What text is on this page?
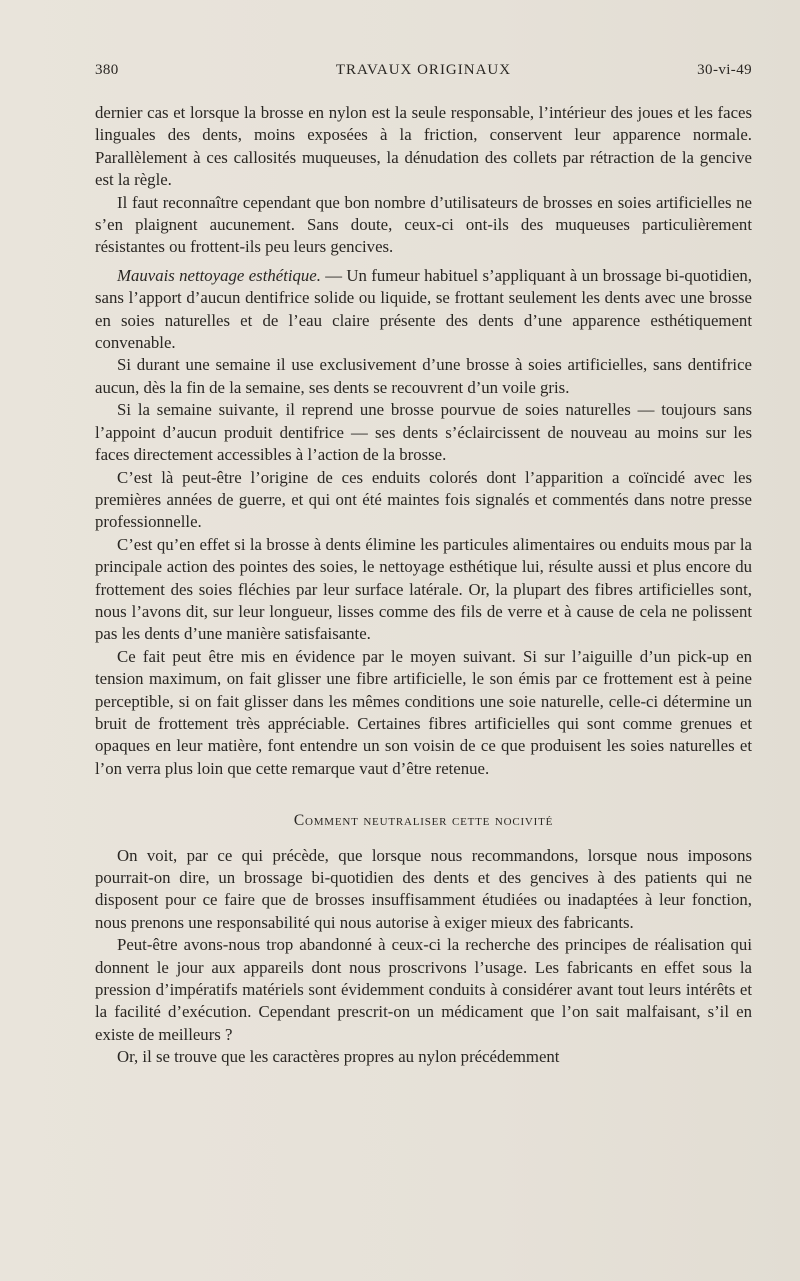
380	TRAVAUX ORIGINAUX	30-vi-49

dernier cas et lorsque la brosse en nylon est la seule responsable, l’intérieur des joues et les faces linguales des dents, moins exposées à la friction, conservent leur apparence normale. Parallèlement à ces callosités muqueuses, la dénudation des collets par rétraction de la gencive est la règle.

Il faut reconnaître cependant que bon nombre d’utilisateurs de brosses en soies artificielles ne s’en plaignent aucunement. Sans doute, ceux-ci ont-ils des muqueuses particulièrement résistantes ou frottent-ils peu leurs gencives.

Mauvais nettoyage esthétique. — Un fumeur habituel s’appliquant à un brossage bi-quotidien, sans l’apport d’aucun dentifrice solide ou liquide, se frottant seulement les dents avec une brosse en soies naturelles et de l’eau claire présente des dents d’une apparence esthétiquement convenable.

Si durant une semaine il use exclusivement d’une brosse à soies artificielles, sans dentifrice aucun, dès la fin de la semaine, ses dents se recouvrent d’un voile gris.

Si la semaine suivante, il reprend une brosse pourvue de soies naturelles — toujours sans l’appoint d’aucun produit dentifrice — ses dents s’éclaircissent de nouveau au moins sur les faces directement accessibles à l’action de la brosse.

C’est là peut-être l’origine de ces enduits colorés dont l’apparition a coïncidé avec les premières années de guerre, et qui ont été maintes fois signalés et commentés dans notre presse professionnelle.

C’est qu’en effet si la brosse à dents élimine les particules alimentaires ou enduits mous par la principale action des pointes des soies, le nettoyage esthétique lui, résulte aussi et plus encore du frottement des soies fléchies par leur surface latérale. Or, la plupart des fibres artificielles sont, nous l’avons dit, sur leur longueur, lisses comme des fils de verre et à cause de cela ne polissent pas les dents d’une manière satisfaisante.

Ce fait peut être mis en évidence par le moyen suivant. Si sur l’aiguille d’un pick-up en tension maximum, on fait glisser une fibre artificielle, le son émis par ce frottement est à peine perceptible, si on fait glisser dans les mêmes conditions une soie naturelle, celle-ci détermine un bruit de frottement très appréciable. Certaines fibres artificielles qui sont comme grenues et opaques en leur matière, font entendre un son voisin de ce que produisent les soies naturelles et l’on verra plus loin que cette remarque vaut d’être retenue.

Comment neutraliser cette nocivité

On voit, par ce qui précède, que lorsque nous recommandons, lorsque nous imposons pourrait-on dire, un brossage bi-quotidien des dents et des gencives à des patients qui ne disposent pour ce faire que de brosses insuffisamment étudiées ou inadaptées à leur fonction, nous prenons une responsabilité qui nous autorise à exiger mieux des fabricants.

Peut-être avons-nous trop abandonné à ceux-ci la recherche des principes de réalisation qui donnent le jour aux appareils dont nous proscrivons l’usage. Les fabricants en effet sous la pression d’impératifs matériels sont évidemment conduits à considérer avant tout leurs intérêts et la facilité d’exécution. Cependant prescrit-on un médicament que l’on sait malfaisant, s’il en existe de meilleurs ?

Or, il se trouve que les caractères propres au nylon précédemment
